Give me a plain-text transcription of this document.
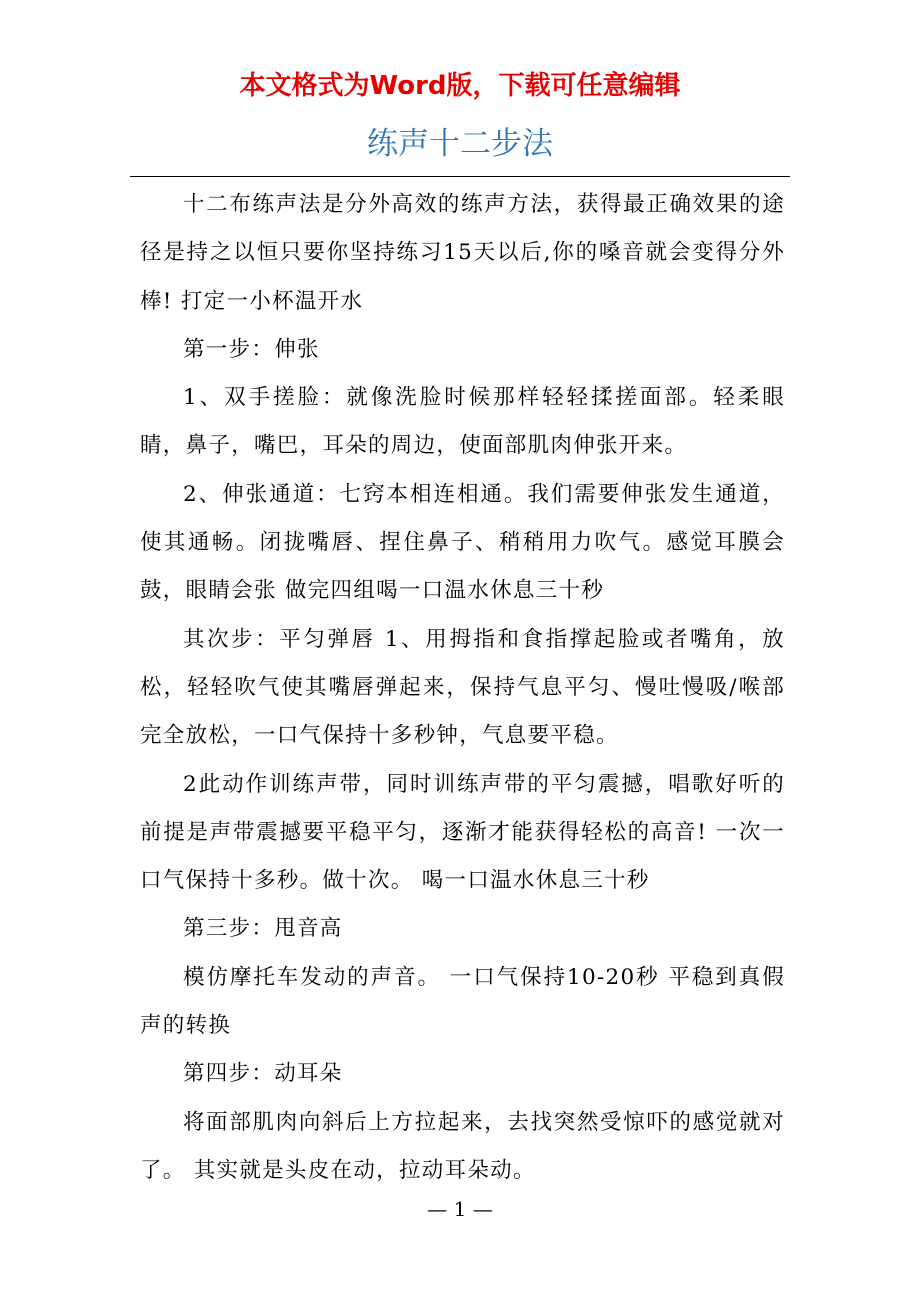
本文格式为Word版，下载可任意编辑
练声十二步法

十二布练声法是分外高效的练声方法，获得最正确效果的途径是持之以恒只要你坚持练习15天以后,你的嗓音就会变得分外棒! 打定一小杯温开水

第一步：伸张

1、双手搓脸：就像洗脸时候那样轻轻揉搓面部。轻柔眼睛，鼻子，嘴巴，耳朵的周边，使面部肌肉伸张开来。

2、伸张通道：七窍本相连相通。我们需要伸张发生通道，使其通畅。闭拢嘴唇、捏住鼻子、稍稍用力吹气。感觉耳膜会鼓，眼睛会张 做完四组喝一口温水休息三十秒

其次步：平匀弹唇 1、用拇指和食指撑起脸或者嘴角，放松，轻轻吹气使其嘴唇弹起来，保持气息平匀、慢吐慢吸/喉部完全放松，一口气保持十多秒钟，气息要平稳。

2此动作训练声带，同时训练声带的平匀震撼，唱歌好听的前提是声带震撼要平稳平匀，逐渐才能获得轻松的高音! 一次一口气保持十多秒。做十次。 喝一口温水休息三十秒

第三步：甩音高

模仿摩托车发动的声音。 一口气保持10-20秒 平稳到真假声的转换

第四步：动耳朵

将面部肌肉向斜后上方拉起来，去找突然受惊吓的感觉就对了。 其实就是头皮在动，拉动耳朵动。

— 1 —
